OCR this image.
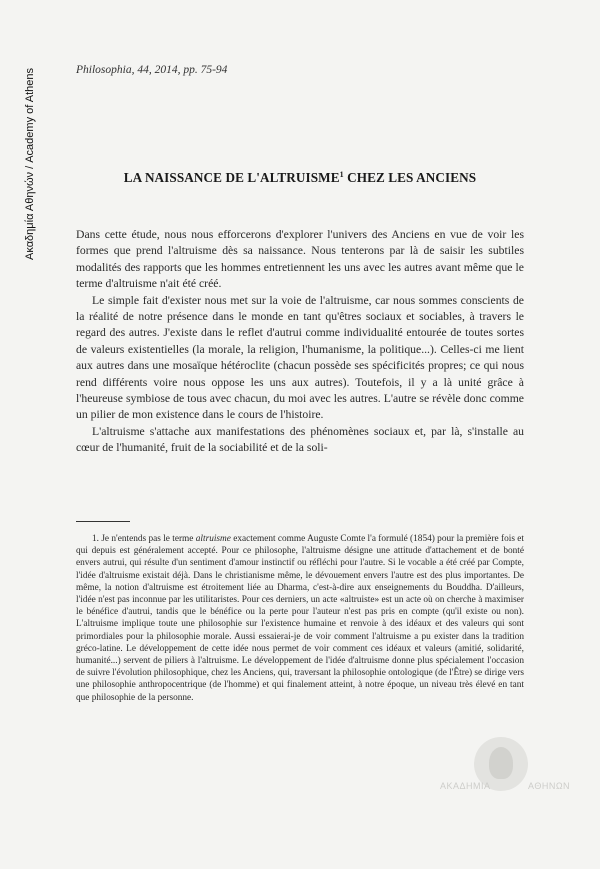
Ακαδημία Αθηνών / Academy of Athens	Philosophia, 44, 2014, pp. 75-94
LA NAISSANCE DE L'ALTRUISME$^1$ CHEZ LES ANCIENS

Dans cette étude, nous nous efforcerons d'explorer l'univers des Anciens en vue de voir les formes que prend l'altruisme dès sa naissance. Nous tenterons par là de saisir les subtiles modalités des rapports que les hommes entretiennent les uns avec les autres avant même que le terme d'altruisme n'ait été créé.

Le simple fait d'exister nous met sur la voie de l'altruisme, car nous sommes conscients de la réalité de notre présence dans le monde en tant qu'êtres sociaux et sociables, à travers le regard des autres. J'existe dans le reflet d'autrui comme individualité entourée de toutes sortes de valeurs existentielles (la morale, la religion, l'humanisme, la politique...). Celles-ci me lient aux autres dans une mosaïque hétéroclite (chacun possède ses spécificités propres; ce qui nous rend différents voire nous oppose les uns aux autres). Toutefois, il y a là unité grâce à l'heureuse symbiose de tous avec chacun, du moi avec les autres. L'autre se révèle donc comme un pilier de mon existence dans le cours de l'histoire.

L'altruisme s'attache aux manifestations des phénomènes sociaux et, par là, s'installe au cœur de l'humanité, fruit de la sociabilité et de la soli-

1. Je n'entends pas le terme altruisme exactement comme Auguste Comte l'a formulé (1854) pour la première fois et qui depuis est généralement accepté. Pour ce philosophe, l'altruisme désigne une attitude d'attachement et de bonté envers autrui, qui résulte d'un sentiment d'amour instinctif ou réfléchi pour l'autre. Si le vocable a été créé par Compte, l'idée d'altruisme existait déjà. Dans le christianisme même, le dévouement envers l'autre est des plus importantes. De même, la notion d'altruisme est étroitement liée au Dharma, c'est-à-dire aux enseignements du Bouddha. D'ailleurs, l'idée n'est pas inconnue par les utilitaristes. Pour ces derniers, un acte «altruiste» est un acte où on cherche à maximiser le bénéfice d'autrui, tandis que le bénéfice ou la perte pour l'auteur n'est pas pris en compte (qu'il existe ou non). L'altruisme implique toute une philosophie sur l'existence humaine et renvoie à des idéaux et des valeurs qui sont primordiales pour la philosophie morale. Aussi essaierai-je de voir comment l'altruisme a pu exister dans la tradition gréco-latine. Le développement de cette idée nous permet de voir comment ces idéaux et valeurs (amitié, solidarité, humanité...) servent de piliers à l'altruisme. Le développement de l'idée d'altruisme donne plus spécialement l'occasion de suivre l'évolution philosophique, chez les Anciens, qui, traversant la philosophie ontologique (de l'Être) se dirige vers une philosophie anthropocentrique (de l'homme) et qui finalement atteint, à notre époque, un niveau très élevé en tant que philosophie de la personne.

ΑΚΑΔΗΜΙΑ	ΑΘΗΝΩΝ
